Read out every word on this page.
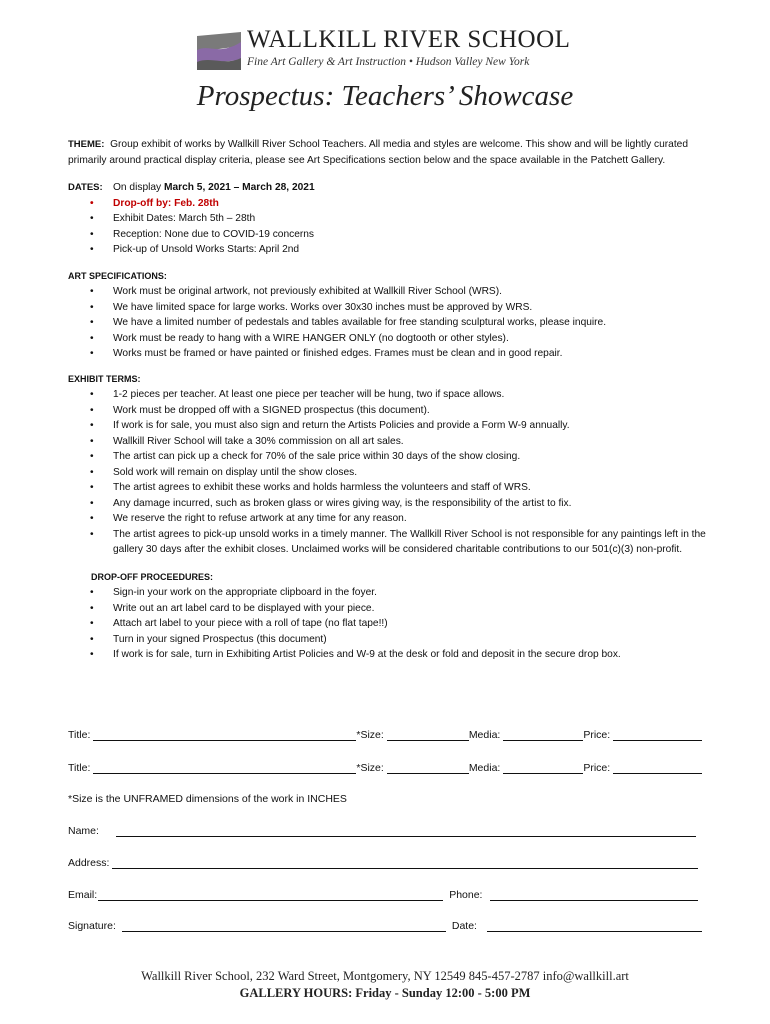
WALLKILL RIVER SCHOOL
Fine Art Gallery & Art Instruction • Hudson Valley New York
Prospectus: Teachers’ Showcase
THEME: Group exhibit of works by Wallkill River School Teachers. All media and styles are welcome. This show and will be lightly curated primarily around practical display criteria, please see Art Specifications section below and the space available in the Patchett Gallery.
DATES:	On display March 5, 2021 – March 28, 2021
• Drop-off by: Feb. 28th
• Exhibit Dates: March 5th – 28th
• Reception: None due to COVID-19 concerns
• Pick-up of Unsold Works Starts: April 2nd
ART SPECIFICATIONS:
• Work must be original artwork, not previously exhibited at Wallkill River School (WRS).
• We have limited space for large works. Works over 30x30 inches must be approved by WRS.
• We have a limited number of pedestals and tables available for free standing sculptural works, please inquire.
• Work must be ready to hang with a WIRE HANGER ONLY (no dogtooth or other styles).
• Works must be framed or have painted or finished edges. Frames must be clean and in good repair.
EXHIBIT TERMS:
• 1-2 pieces per teacher. At least one piece per teacher will be hung, two if space allows.
• Work must be dropped off with a SIGNED prospectus (this document).
• If work is for sale, you must also sign and return the Artists Policies and provide a Form W-9 annually.
• Wallkill River School will take a 30% commission on all art sales.
• The artist can pick up a check for 70% of the sale price within 30 days of the show closing.
• Sold work will remain on display until the show closes.
• The artist agrees to exhibit these works and holds harmless the volunteers and staff of WRS.
• Any damage incurred, such as broken glass or wires giving way, is the responsibility of the artist to fix.
• We reserve the right to refuse artwork at any time for any reason.
• The artist agrees to pick-up unsold works in a timely manner. The Wallkill River School is not responsible for any paintings left in the gallery 30 days after the exhibit closes. Unclaimed works will be considered charitable contributions to our 501(c)(3) non-profit.
DROP-OFF PROCEEDURES:
• Sign-in your work on the appropriate clipboard in the foyer.
• Write out an art label card to be displayed with your piece.
• Attach art label to your piece with a roll of tape (no flat tape!!)
• Turn in your signed Prospectus (this document)
• If work is for sale, turn in Exhibiting Artist Policies and W-9 at the desk or fold and deposit in the secure drop box.
Title:	*Size:	Media:	Price:
Title:	*Size:	Media:	Price:
*Size is the UNFRAMED dimensions of the work in INCHES
Name:
Address:
Email:	Phone:
Signature:	Date:
Wallkill River School, 232 Ward Street, Montgomery, NY 12549 845-457-2787 info@wallkill.art
GALLERY HOURS: Friday - Sunday 12:00 - 5:00 PM
